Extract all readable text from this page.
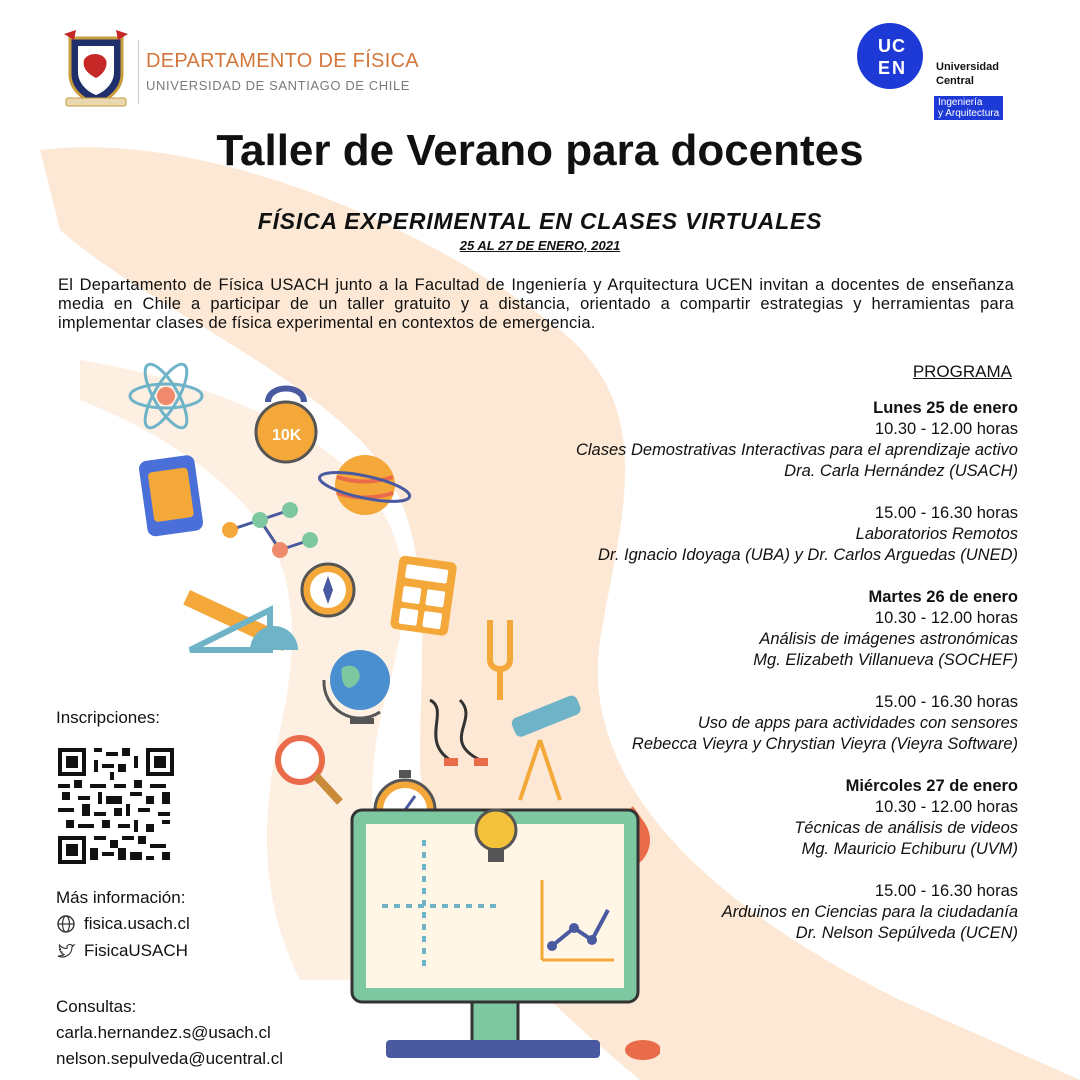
DEPARTAMENTO DE FÍSICA
UNIVERSIDAD DE SANTIAGO DE CHILE
U C
E N	Universidad
Central
Ingeniería
y Arquitectura
Taller de Verano para docentes
FÍSICA EXPERIMENTAL EN CLASES VIRTUALES
25 AL 27 DE ENERO, 2021
El Departamento de Física USACH junto a la Facultad de Ingeniería y Arquitectura UCEN invitan a docentes de enseñanza media en Chile a participar de un taller gratuito y a distancia, orientado a compartir estrategias y herramientas para implementar clases de física experimental en contextos de emergencia.
10K
PROGRAMA
Lunes 25 de enero
10.30 - 12.00 horas
Clases Demostrativas Interactivas para el aprendizaje activo
Dra. Carla Hernández (USACH)
15.00 - 16.30 horas
Laboratorios Remotos
Dr. Ignacio Idoyaga (UBA) y Dr. Carlos Arguedas (UNED)
Martes 26 de enero
10.30 - 12.00 horas
Análisis de imágenes astronómicas
Mg. Elizabeth Villanueva (SOCHEF)
15.00 - 16.30 horas
Uso de apps para actividades con sensores
Rebecca Vieyra y Chrystian Vieyra (Vieyra Software)
Miércoles 27 de enero
10.30 - 12.00 horas
Técnicas de análisis de videos
Mg. Mauricio Echiburu (UVM)
15.00 - 16.30 horas
Arduinos en Ciencias para la ciudadanía
Dr. Nelson Sepúlveda (UCEN)
Inscripciones:
Más información:
fisica.usach.cl
FisicaUSACH
Consultas:
carla.hernandez.s@usach.cl
nelson.sepulveda@ucentral.cl
